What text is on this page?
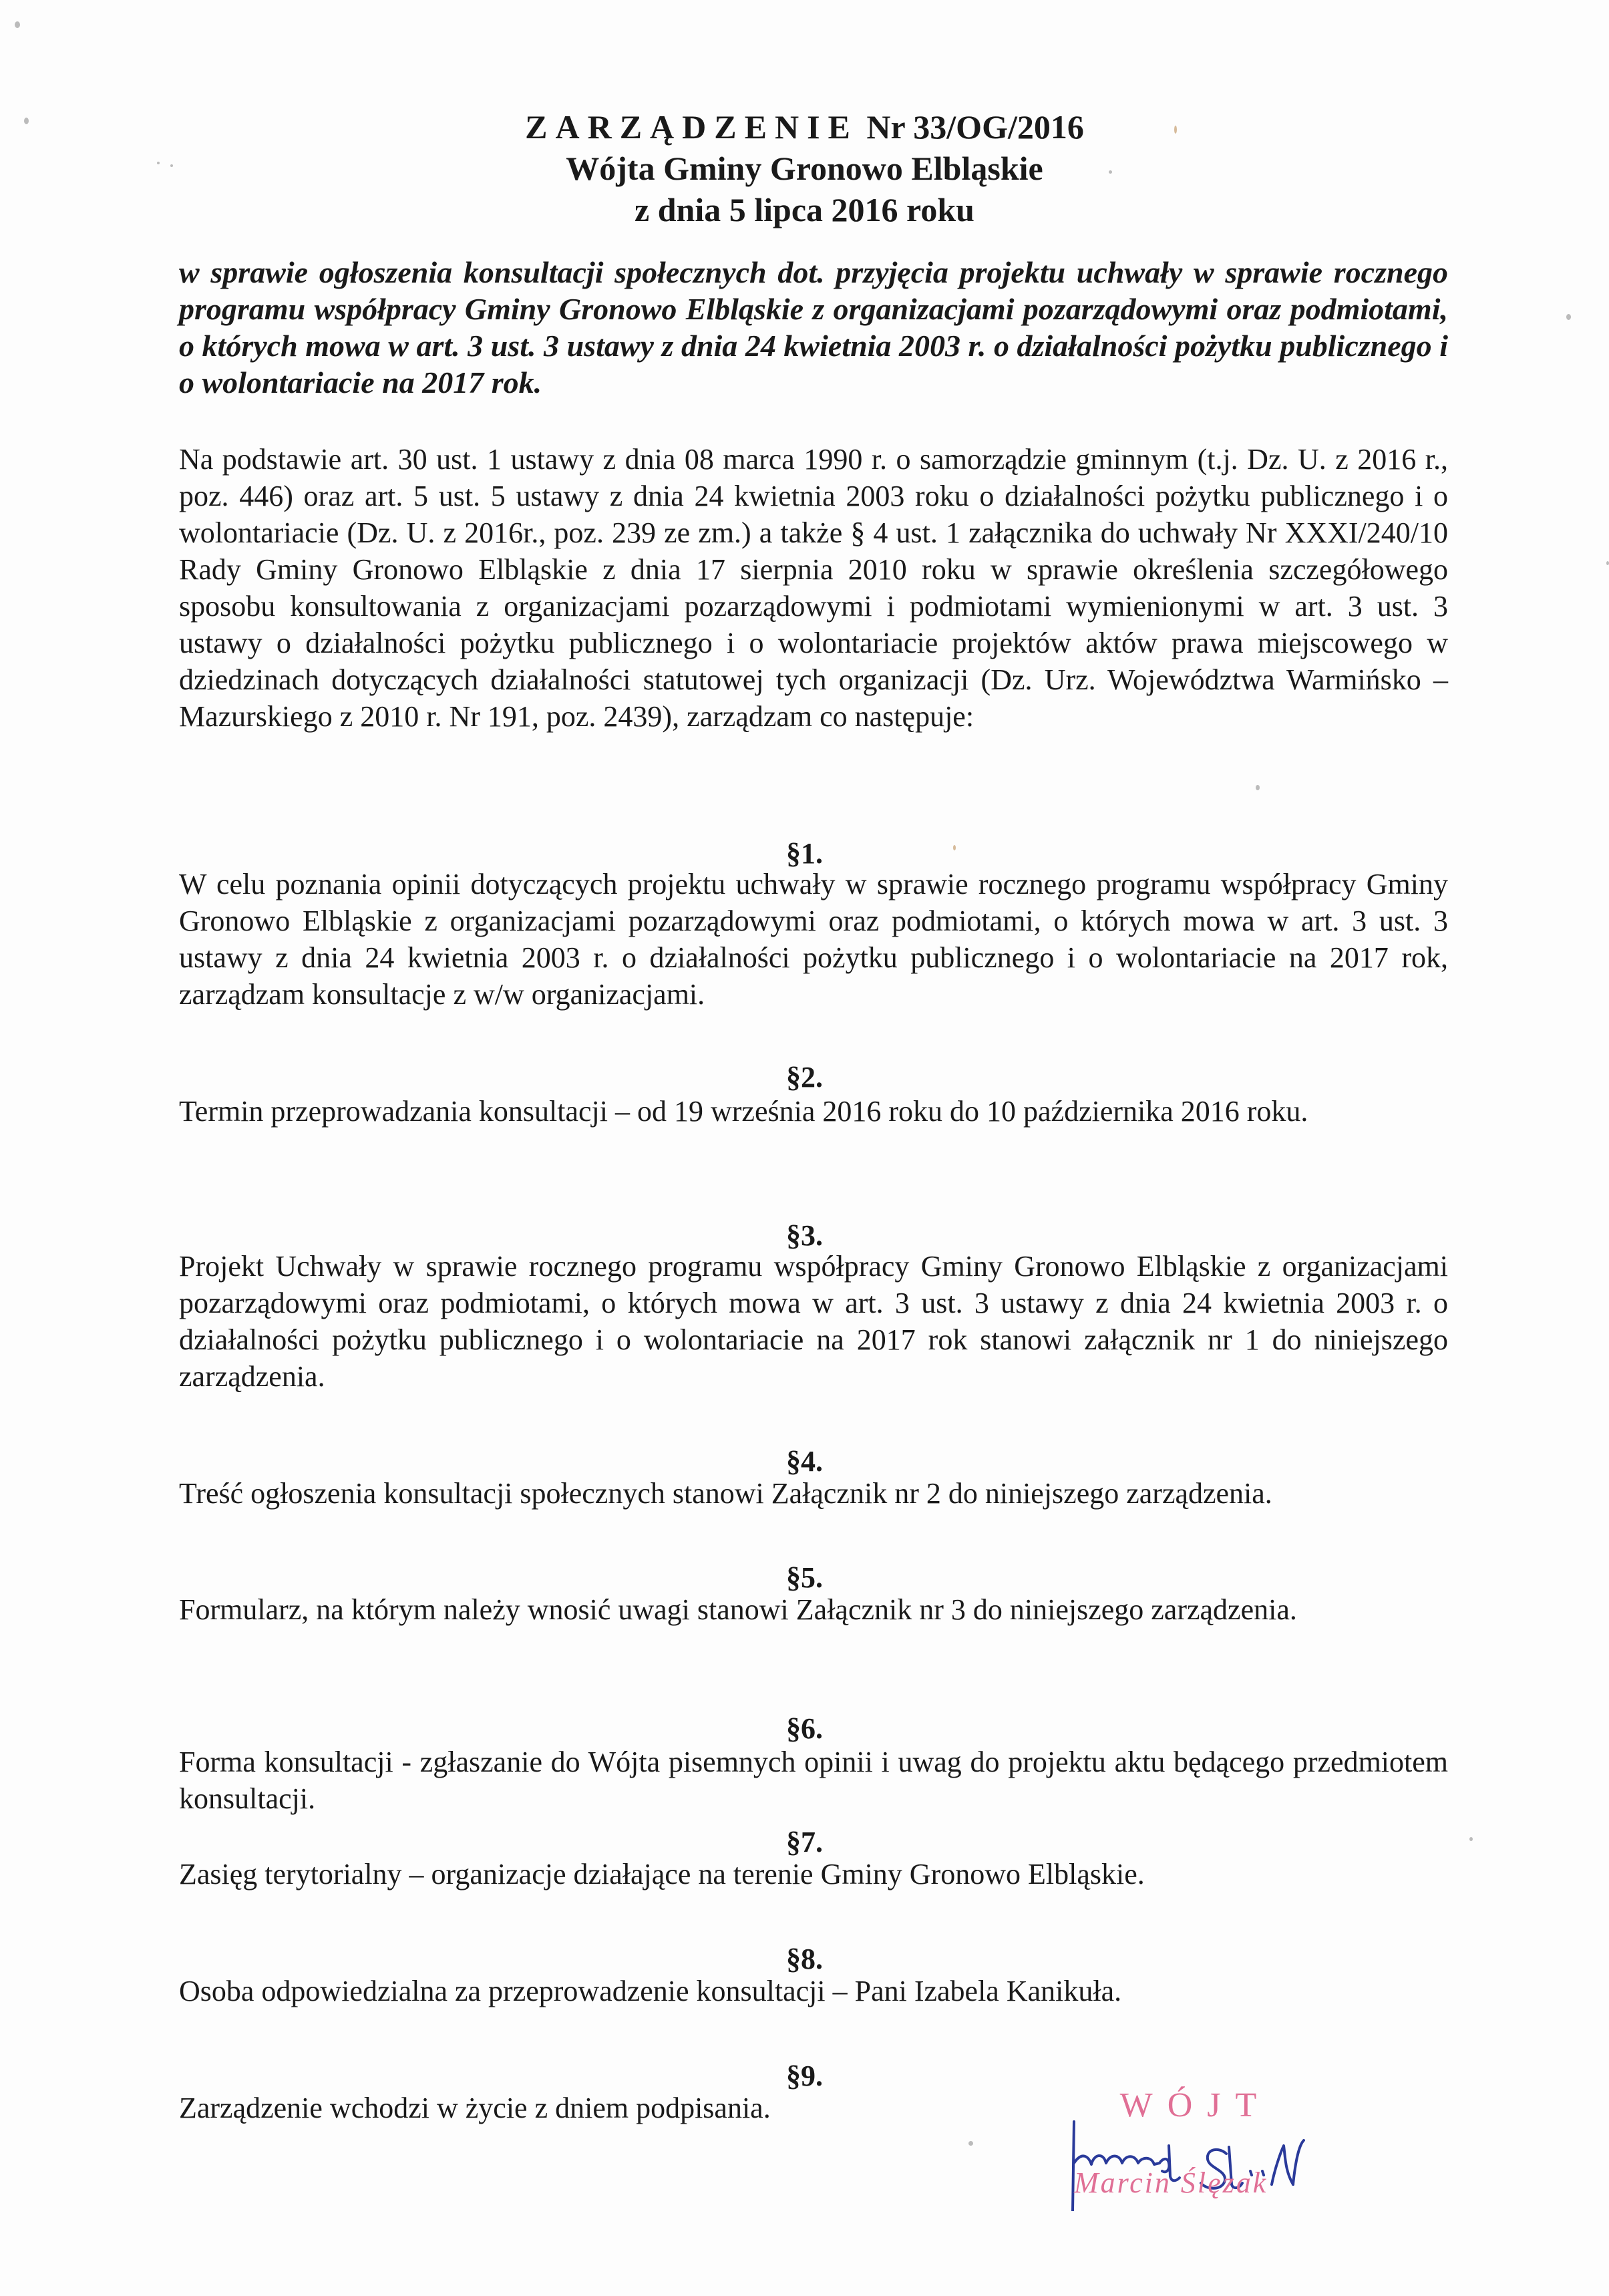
ZARZĄDZENIE Nr 33/OG/2016
Wójta Gminy Gronowo Elbląskie
z dnia 5 lipca 2016 roku
w sprawie ogłoszenia konsultacji społecznych dot. przyjęcia projektu uchwały w sprawie rocznego programu współpracy Gminy Gronowo Elbląskie z organizacjami pozarządowymi oraz podmiotami, o których mowa w art. 3 ust. 3 ustawy z dnia 24 kwietnia 2003 r. o działalności pożytku publicznego i o wolontariacie na 2017 rok.
Na podstawie art. 30 ust. 1 ustawy z dnia 08 marca 1990 r. o samorządzie gminnym (t.j. Dz. U. z 2016 r., poz. 446) oraz art. 5 ust. 5 ustawy z dnia 24 kwietnia 2003 roku o działalności pożytku publicznego i o wolontariacie (Dz. U. z 2016r., poz. 239 ze zm.) a także § 4 ust. 1 załącznika do uchwały Nr XXXI/240/10 Rady Gminy Gronowo Elbląskie z dnia 17 sierpnia 2010 roku w sprawie określenia szczegółowego sposobu konsultowania z organizacjami pozarządowymi i podmiotami wymienionymi w art. 3 ust. 3 ustawy o działalności pożytku publicznego i o wolontariacie projektów aktów prawa miejscowego w dziedzinach dotyczących działalności statutowej tych organizacji (Dz. Urz. Województwa Warmińsko – Mazurskiego z 2010 r. Nr 191, poz. 2439), zarządzam co następuje:
§1.
W celu poznania opinii dotyczących projektu uchwały w sprawie rocznego programu współpracy Gminy Gronowo Elbląskie z organizacjami pozarządowymi oraz podmiotami, o których mowa w art. 3 ust. 3 ustawy z dnia 24 kwietnia 2003 r. o działalności pożytku publicznego i o wolontariacie na 2017 rok, zarządzam konsultacje z w/w organizacjami.
§2.
Termin przeprowadzania konsultacji – od 19 września 2016 roku do 10 października 2016 roku.
§3.
Projekt Uchwały w sprawie rocznego programu współpracy Gminy Gronowo Elbląskie z organizacjami pozarządowymi oraz podmiotami, o których mowa w art. 3 ust. 3 ustawy z dnia 24 kwietnia 2003 r. o działalności pożytku publicznego i o wolontariacie na 2017 rok stanowi załącznik nr 1 do niniejszego zarządzenia.
§4.
Treść ogłoszenia konsultacji społecznych stanowi Załącznik nr 2 do niniejszego zarządzenia.
§5.
Formularz, na którym należy wnosić uwagi stanowi Załącznik nr 3 do niniejszego zarządzenia.
§6.
Forma konsultacji - zgłaszanie do Wójta pisemnych opinii i uwag do projektu aktu będącego przedmiotem konsultacji.
§7.
Zasięg terytorialny – organizacje działające na terenie Gminy Gronowo Elbląskie.
§8.
Osoba odpowiedzialna za przeprowadzenie konsultacji – Pani Izabela Kanikuła.
§9.
Zarządzenie wchodzi w życie z dniem podpisania.	WÓJT
Marcin Ślęzak
